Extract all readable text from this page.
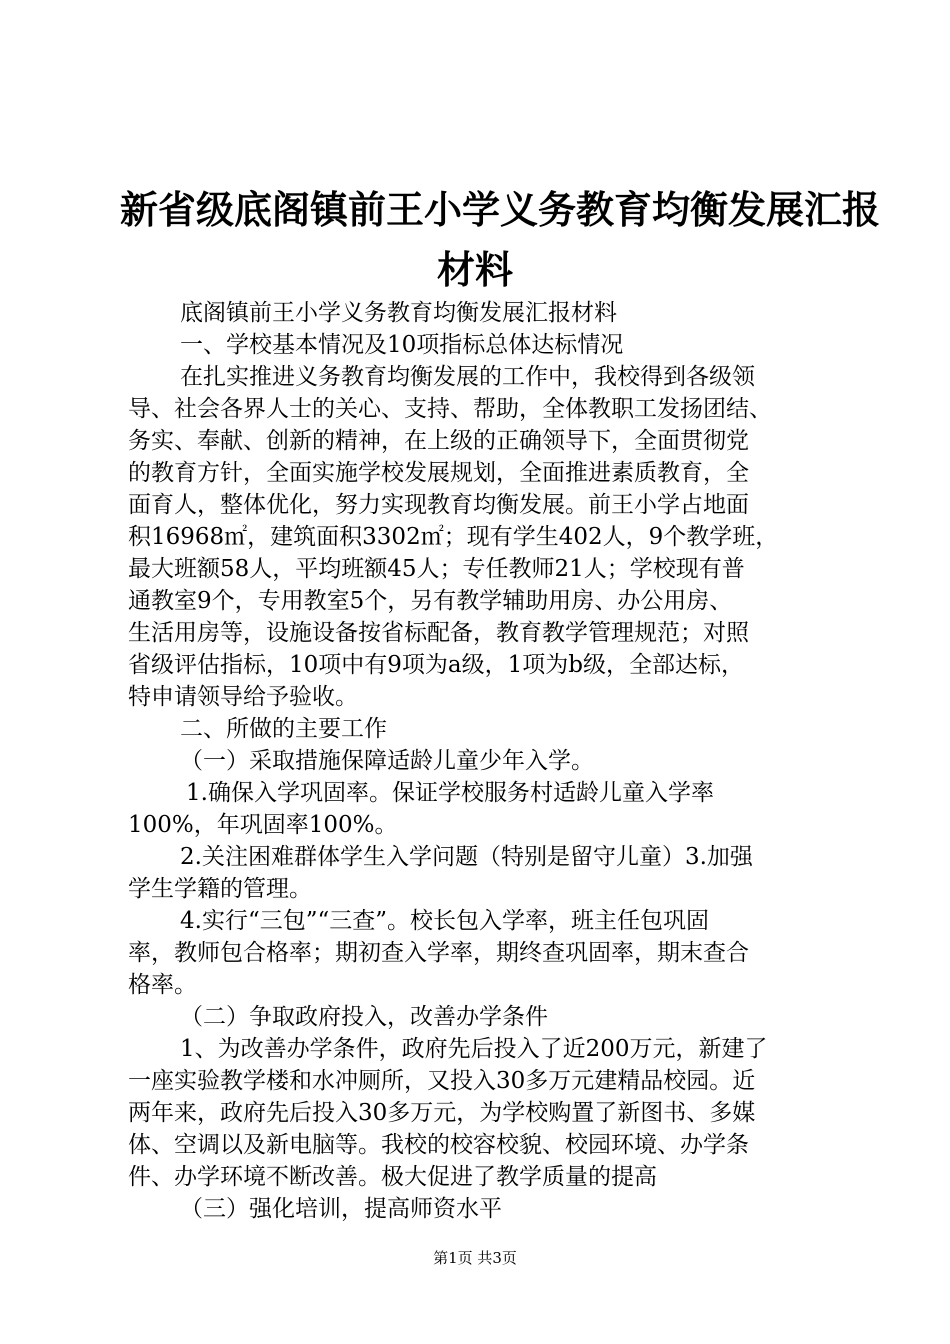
新省级底阁镇前王小学义务教育均衡发展汇报
材料
底阁镇前王小学义务教育均衡发展汇报材料
一、学校基本情况及10项指标总体达标情况
在扎实推进义务教育均衡发展的工作中，我校得到各级领
导、社会各界人士的关心、支持、帮助，全体教职工发扬团结、
务实、奉献、创新的精神，在上级的正确领导下，全面贯彻党
的教育方针，全面实施学校发展规划，全面推进素质教育，全
面育人，整体优化，努力实现教育均衡发展。前王小学占地面
积16968㎡，建筑面积3302㎡；现有学生402人，9个教学班，
最大班额58人，平均班额45人；专任教师21人；学校现有普
通教室9个，专用教室5个，另有教学辅助用房、办公用房、
生活用房等，设施设备按省标配备，教育教学管理规范；对照
省级评估指标，10项中有9项为a级，1项为b级，全部达标，
特申请领导给予验收。
二、所做的主要工作
（一）采取措施保障适龄儿童少年入学。
1.确保入学巩固率。保证学校服务村适龄儿童入学率
100%，年巩固率100%。
2.关注困难群体学生入学问题（特别是留守儿童）3.加强
学生学籍的管理。
4.实行“三包”“三查”。校长包入学率，班主任包巩固
率，教师包合格率；期初查入学率，期终查巩固率，期末查合
格率。
（二）争取政府投入，改善办学条件
1、为改善办学条件，政府先后投入了近200万元，新建了
一座实验教学楼和水冲厕所，又投入30多万元建精品校园。近
两年来，政府先后投入30多万元，为学校购置了新图书、多媒
体、空调以及新电脑等。我校的校容校貌、校园环境、办学条
件、办学环境不断改善。极大促进了教学质量的提高
（三）强化培训，提高师资水平
第1页 共3页
